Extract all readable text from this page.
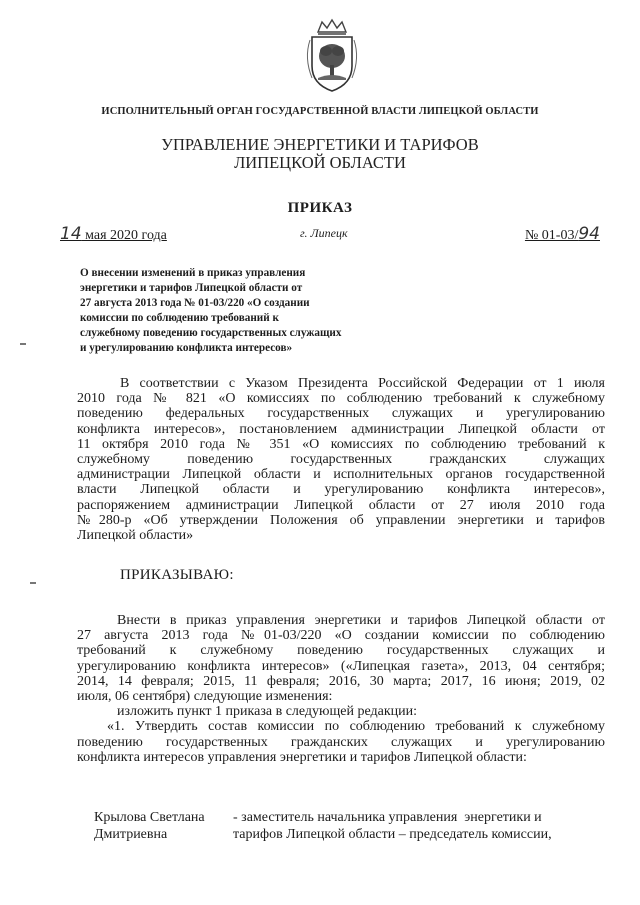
ИСПОЛНИТЕЛЬНЫЙ ОРГАН ГОСУДАРСТВЕННОЙ ВЛАСТИ ЛИПЕЦКОЙ ОБЛАСТИ
УПРАВЛЕНИЕ ЭНЕРГЕТИКИ И ТАРИФОВ
ЛИПЕЦКОЙ ОБЛАСТИ
ПРИКАЗ
14 мая 2020 года	г. Липецк	№ 01-03/94
О внесении изменений в приказ управления
энергетики и тарифов Липецкой области от
27 августа 2013 года № 01-03/220 «О создании
комиссии по соблюдению требований к
служебному поведению государственных служащих
и урегулированию конфликта интересов»
В соответствии с Указом Президента Российской Федерации от 1 июля
2010 года № 821 «О комиссиях по соблюдению требований к служебному
поведению федеральных государственных служащих и урегулированию
конфликта интересов», постановлением администрации Липецкой области от
11 октября 2010 года № 351 «О комиссиях по соблюдению требований к
служебному поведению государственных гражданских служащих
администрации Липецкой области и исполнительных органов государственной
власти Липецкой области и урегулированию конфликта интересов»,
распоряжением администрации Липецкой области от 27 июля 2010 года
№280-р «Об утверждении Положения об управлении энергетики и тарифов
Липецкой области»
ПРИКАЗЫВАЮ:
Внести в приказ управления энергетики и тарифов Липецкой области от
27 августа 2013 года №01-03/220 «О создании комиссии по соблюдению
требований к служебному поведению государственных служащих и
урегулированию конфликта интересов» («Липецкая газета», 2013, 04 сентября;
2014, 14 февраля; 2015, 11 февраля; 2016, 30 марта; 2017, 16 июня; 2019, 02
июля, 06 сентября) следующие изменения:
изложить пункт 1 приказа в следующей редакции:
«1. Утвердить состав комиссии по соблюдению требований к служебному
поведению государственных гражданских служащих и урегулированию
конфликта интересов управления энергетики и тарифов Липецкой области:
Крылова Светлана
Дмитриевна
- заместитель начальника управления  энергетики и
тарифов Липецкой области – председатель комиссии,
